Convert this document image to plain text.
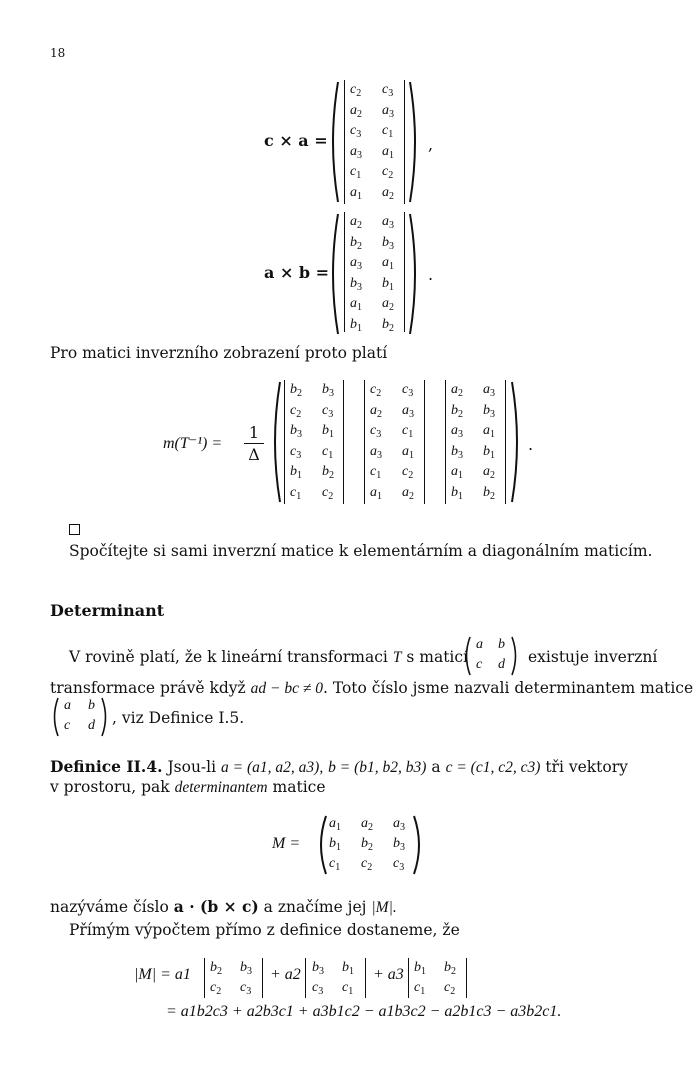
18
c × a =
$c_2$ $c_3$
$a_2$ $a_3$
$c_3$ $c_1$
$a_3$ $a_1$
$c_1$ $c_2$
$a_1$ $a_2$
,
a × b =
$a_2$ $a_3$
$b_2$ $b_3$
$a_3$ $a_1$
$b_3$ $b_1$
$a_1$ $a_2$
$b_1$ $b_2$
.
Pro matici inverzního zobrazení proto platí
m(T⁻¹) =
1
Δ
$b_2$ $b_3$
$c_2$ $c_3$
$b_3$ $b_1$
$c_3$ $c_1$
$b_1$ $b_2$
$c_1$ $c_2$
$c_2$ $c_3$
$a_2$ $a_3$
$c_3$ $c_1$
$a_3$ $a_1$
$c_1$ $c_2$
$a_1$ $a_2$
$a_2$ $a_3$
$b_2$ $b_3$
$a_3$ $a_1$
$b_3$ $b_1$
$a_1$ $a_2$
$b_1$ $b_2$
.
Spočítejte si sami inverzní matice k elementárním a diagonálním maticím.
Determinant
V rovině platí, že k lineární transformaci T s maticí
a b
c d existuje inverzní
transformace právě když ad − bc ≠ 0. Toto číslo jsme nazvali determinantem matice
a b
c d , viz Definice I.5.
Definice II.4. Jsou-li a = (a1, a2, a3), b = (b1, b2, b3) a c = (c1, c2, c3) tři vektory
v prostoru, pak determinantem matice
M =
$a_1$ $a_2$ $a_3$
$b_1$ $b_2$ $b_3$
$c_1$ $c_2$ $c_3$
nazýváme číslo a · (b × c) a značíme jej |M|.
Přímým výpočtem přímo z definice dostaneme, že
|M| = a1	+ a2	+ a3
$b_2$ $b_3$
$c_2$ $c_3$
$b_3$ $b_1$
$c_3$ $c_1$
$b_1$ $b_2$
$c_1$ $c_2$
= a1b2c3 + a2b3c1 + a3b1c2 − a1b3c2 − a2b1c3 − a3b2c1.
